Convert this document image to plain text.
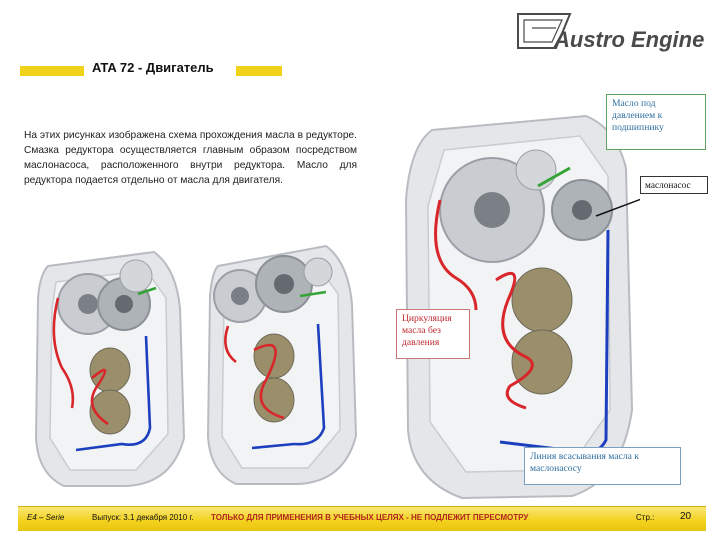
Austro Engine
ATA 72 - Двигатель
На этих рисунках изображена схема прохождения масла в редукторе. Смазка редуктора осуществляется главным образом посредством маслонасоса, расположенного внутри редуктора. Масло для редуктора подается отдельно от масла для двигателя.
Масло под давлением к подшипнику
маслонасос
Циркуляция масла без давления
Линия всасывания масла к маслонасосу
E4 – Serie	Выпуск: 3.1 декабря 2010 г. ТОЛЬКО ДЛЯ ПРИМЕНЕНИЯ В УЧЕБНЫХ ЦЕЛЯХ - НЕ ПОДЛЕЖИТ ПЕРЕСМОТРУ	Стр.:	20
